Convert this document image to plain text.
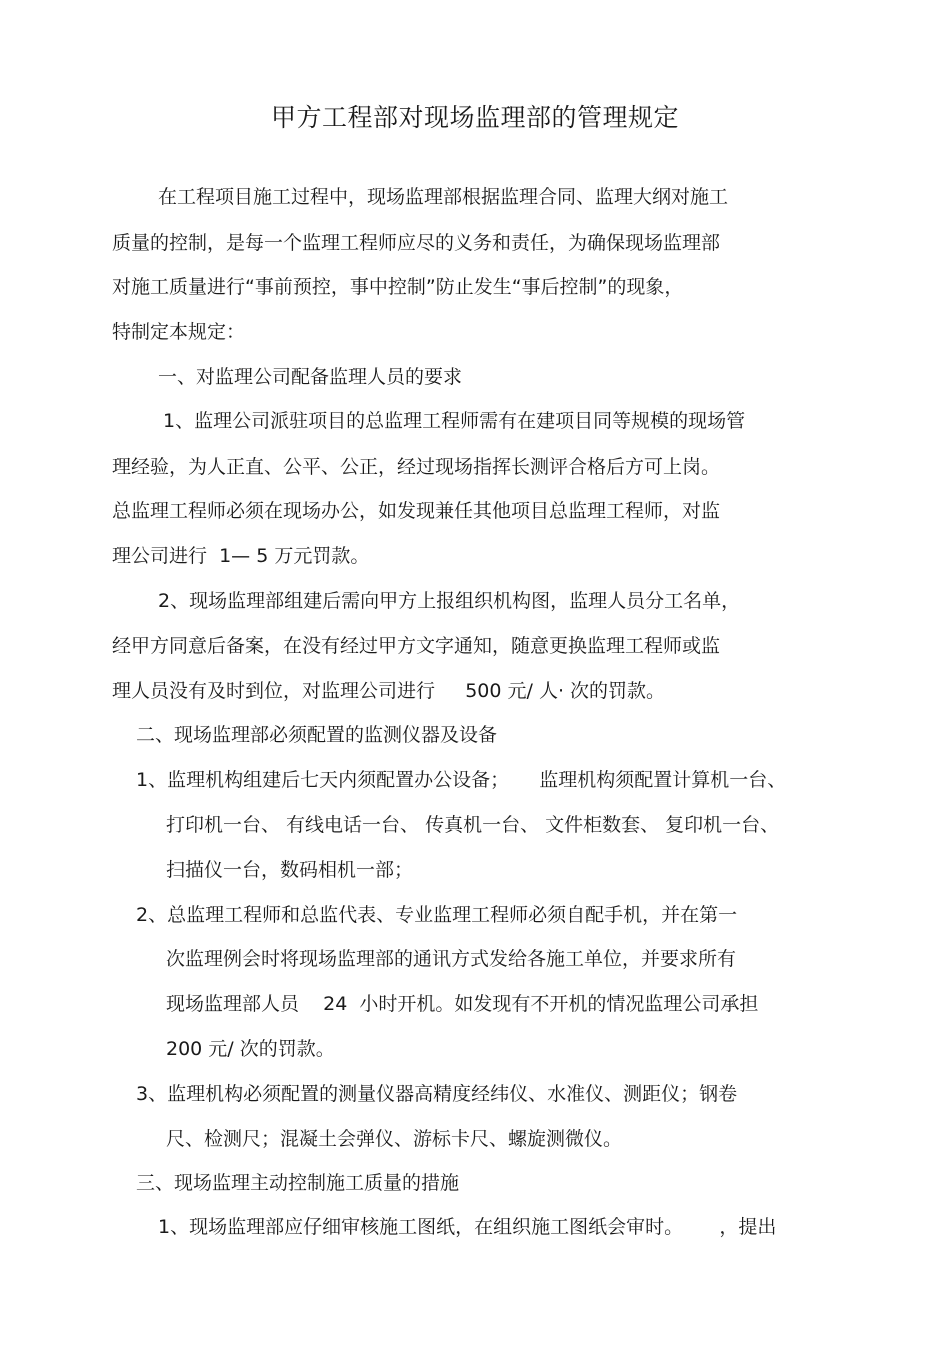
甲方工程部对现场监理部的管理规定
在工程项目施工过程中，现场监理部根据监理合同、监理大纲对施工
质量的控制，是每一个监理工程师应尽的义务和责任，为确保现场监理部
对施工质量进行“事前预控，事中控制”防止发生“事后控制”的现象，
特制定本规定：
一、对监理公司配备监理人员的要求
1、监理公司派驻项目的总监理工程师需有在建项目同等规模的现场管
理经验，为人正直、公平、公正，经过现场指挥长测评合格后方可上岗。
总监理工程师必须在现场办公，如发现兼任其他项目总监理工程师，对监
理公司进行  1— 5 万元罚款。
2、现场监理部组建后需向甲方上报组织机构图，监理人员分工名单，
经甲方同意后备案，在没有经过甲方文字通知，随意更换监理工程师或监
理人员没有及时到位，对监理公司进行     500 元/ 人· 次的罚款。
二、现场监理部必须配置的监测仪器及设备
1、监理机构组建后七天内须配置办公设备；     监理机构须配置计算机一台、
打印机一台、 有线电话一台、 传真机一台、 文件柜数套、 复印机一台、
扫描仪一台，数码相机一部；
2、总监理工程师和总监代表、专业监理工程师必须自配手机，并在第一
次监理例会时将现场监理部的通讯方式发给各施工单位，并要求所有
现场监理部人员    24  小时开机。如发现有不开机的情况监理公司承担
200 元/ 次的罚款。
3、监理机构必须配置的测量仪器高精度经纬仪、水准仪、测距仪；钢卷
尺、检测尺；混凝土会弹仪、游标卡尺、螺旋测微仪。
三、现场监理主动控制施工质量的措施
1、现场监理部应仔细审核施工图纸，在组织施工图纸会审时。      ，提出
